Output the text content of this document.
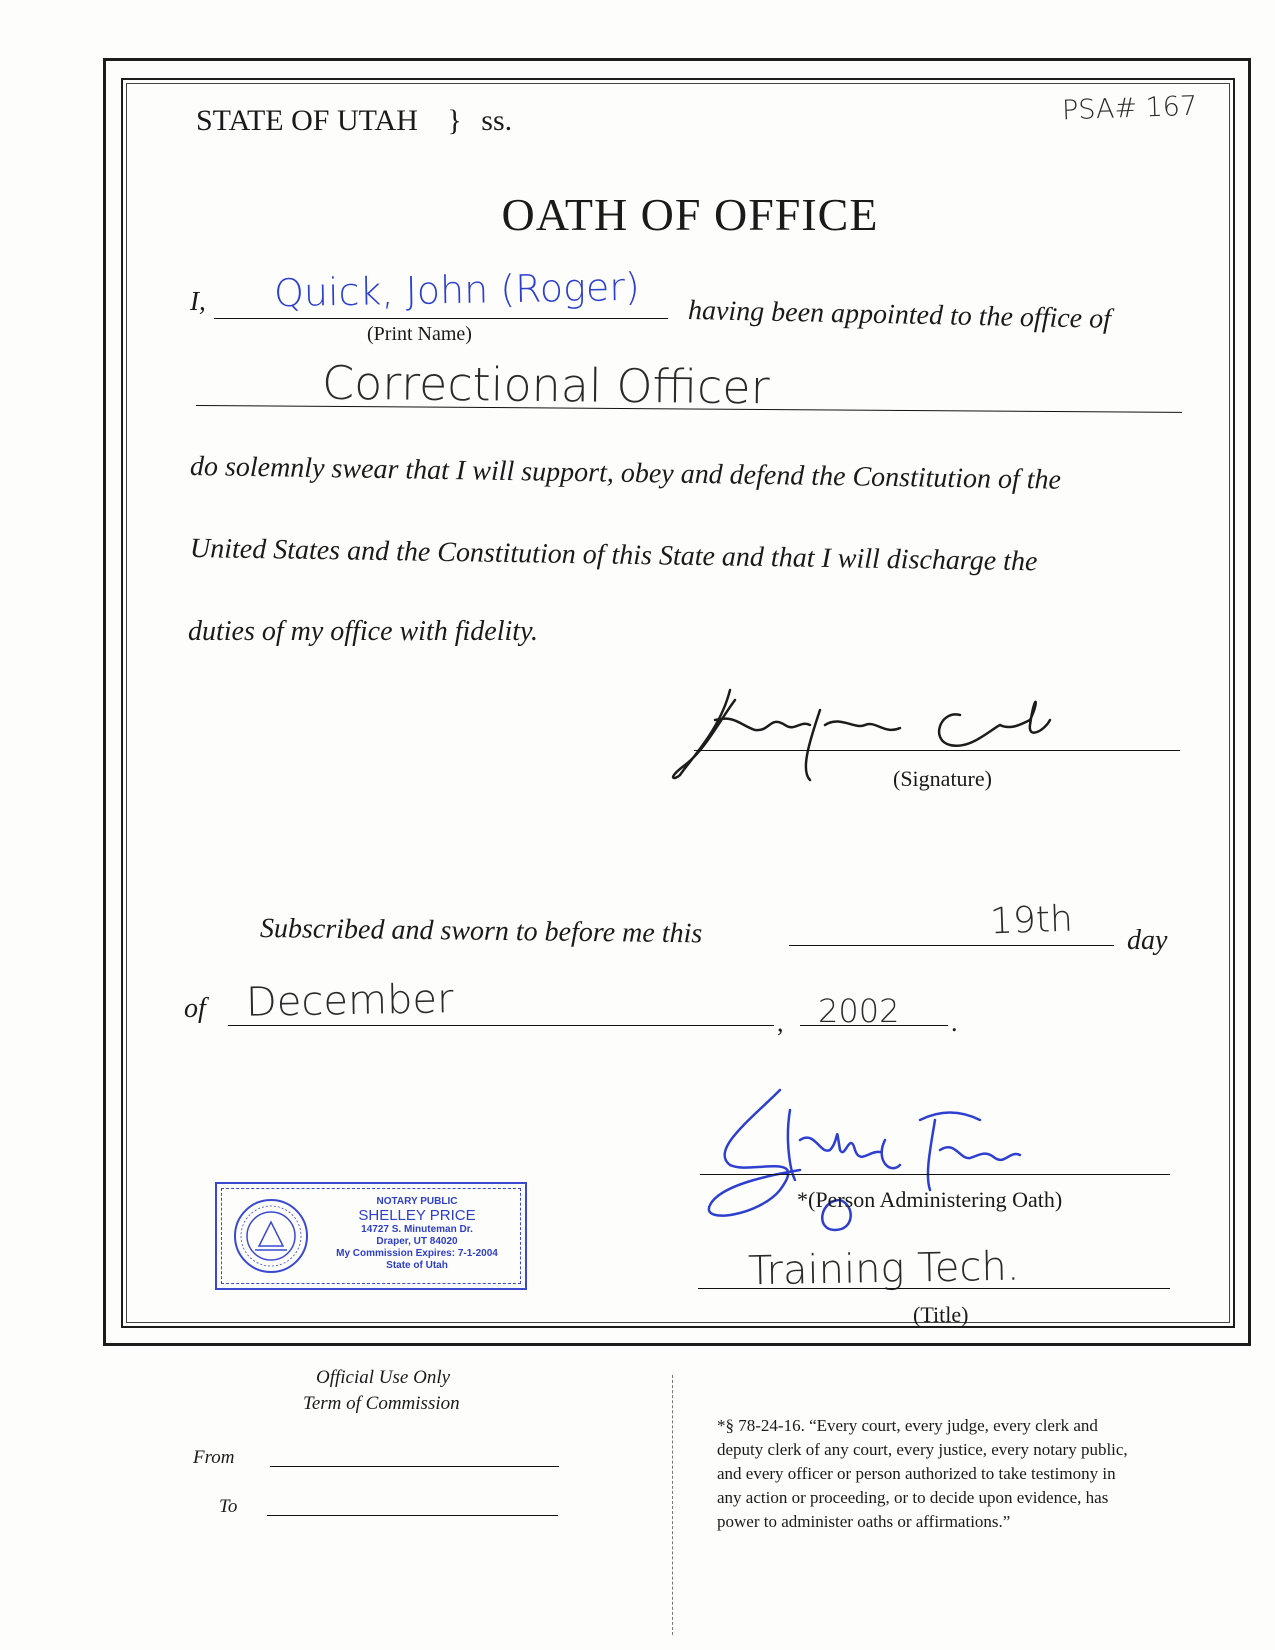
STATE OF UTAH } ss.	PSA# 167
OATH OF OFFICE
I, Quick, John (Roger)
(Print Name)	having been appointed to the office of
Correctional Officer
do solemnly swear that I will support, obey and defend the Constitution of the
United States and the Constitution of this State and that I will discharge the
duties of my office with fidelity.
(Signature)
Subscribed and sworn to before me this	19th day
of December	, 2002 .
*(Person Administering Oath)
Training Tech.
(Title)
NOTARY PUBLIC
SHELLEY PRICE
14727 S. Minuteman Dr.
Draper, UT 84020
My Commission Expires: 7-1-2004
State of Utah
Official Use Only
Term of Commission
From
To
*§ 78-24-16. “Every court, every judge, every clerk and
deputy clerk of any court, every justice, every notary public,
and every officer or person authorized to take testimony in
any action or proceeding, or to decide upon evidence, has
power to administer oaths or affirmations.”
